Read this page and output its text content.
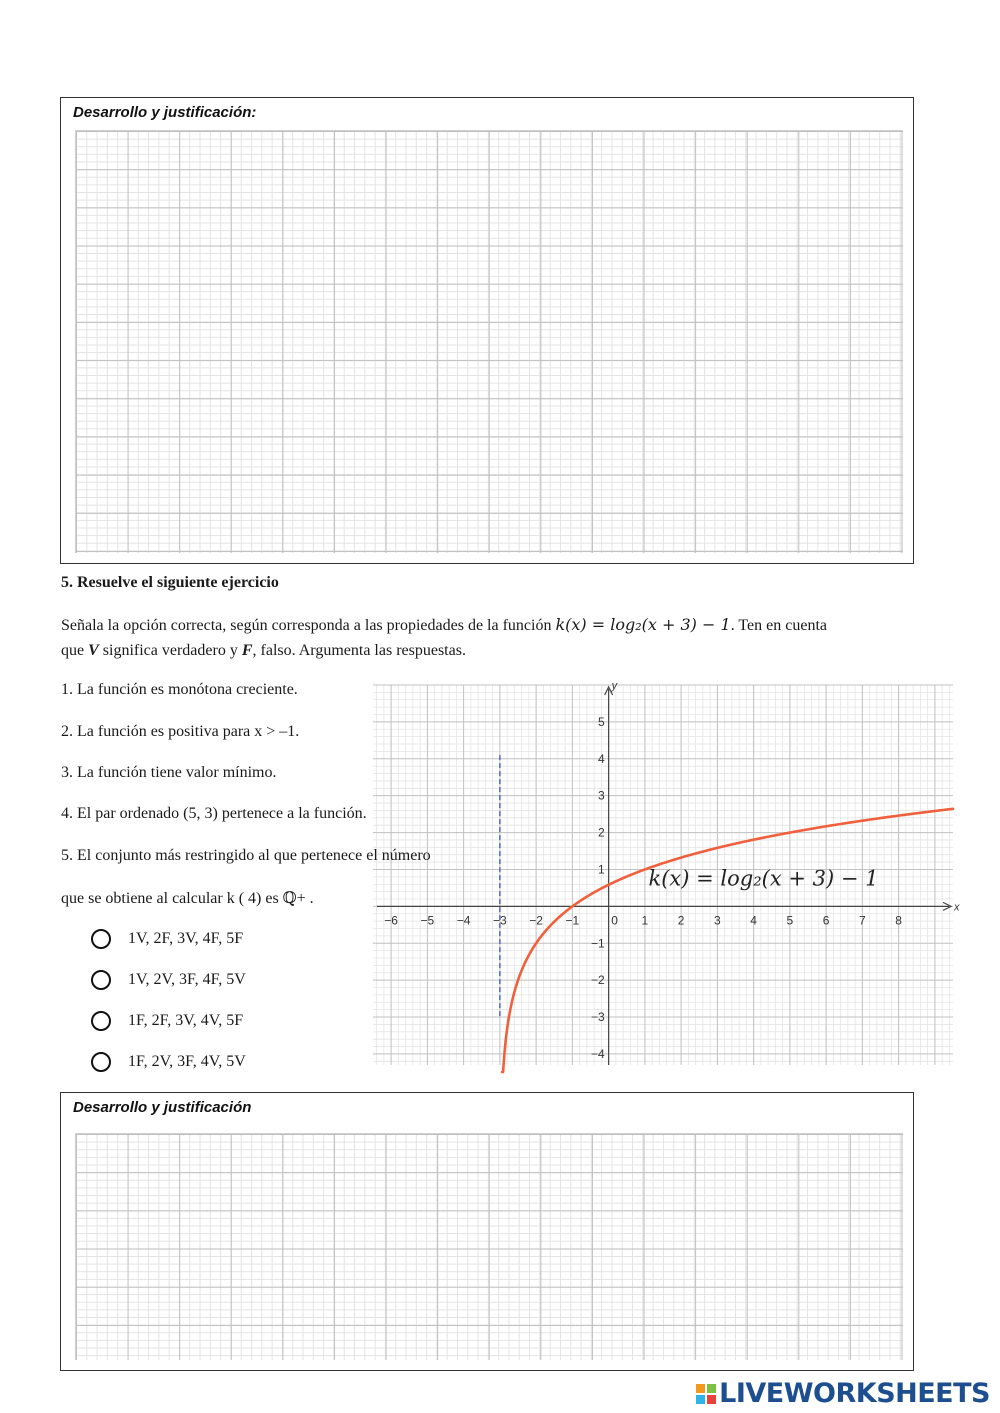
Desarrollo y justificación:
5. Resuelve el siguiente ejercicio
Señala la opción correcta, según corresponda a las propiedades de la función k(x) = log₂(x + 3) − 1. Ten en cuenta
que V significa verdadero y F, falso. Argumenta las respuestas.
x
y
−6 −5 −4 −3 −2 −1	0 1 2 3 4 5 6 7 8
−4
−3
−2
−1
1
2
3
4
5
k(x) = log₂(x + 3) − 1
1. La función es monótona creciente.
2. La función es positiva para x > –1.
3. La función tiene valor mínimo.
4. El par ordenado (5, 3) pertenece a la función.
5. El conjunto más restringido al que pertenece el número
que se obtiene al calcular k ( 4) es ℚ+ .
1V, 2F, 3V, 4F, 5F
1V, 2V, 3F, 4F, 5V
1F, 2F, 3V, 4V, 5F
1F, 2V, 3F, 4V, 5V
Desarrollo y justificación
LIVEWORKSHEETS
